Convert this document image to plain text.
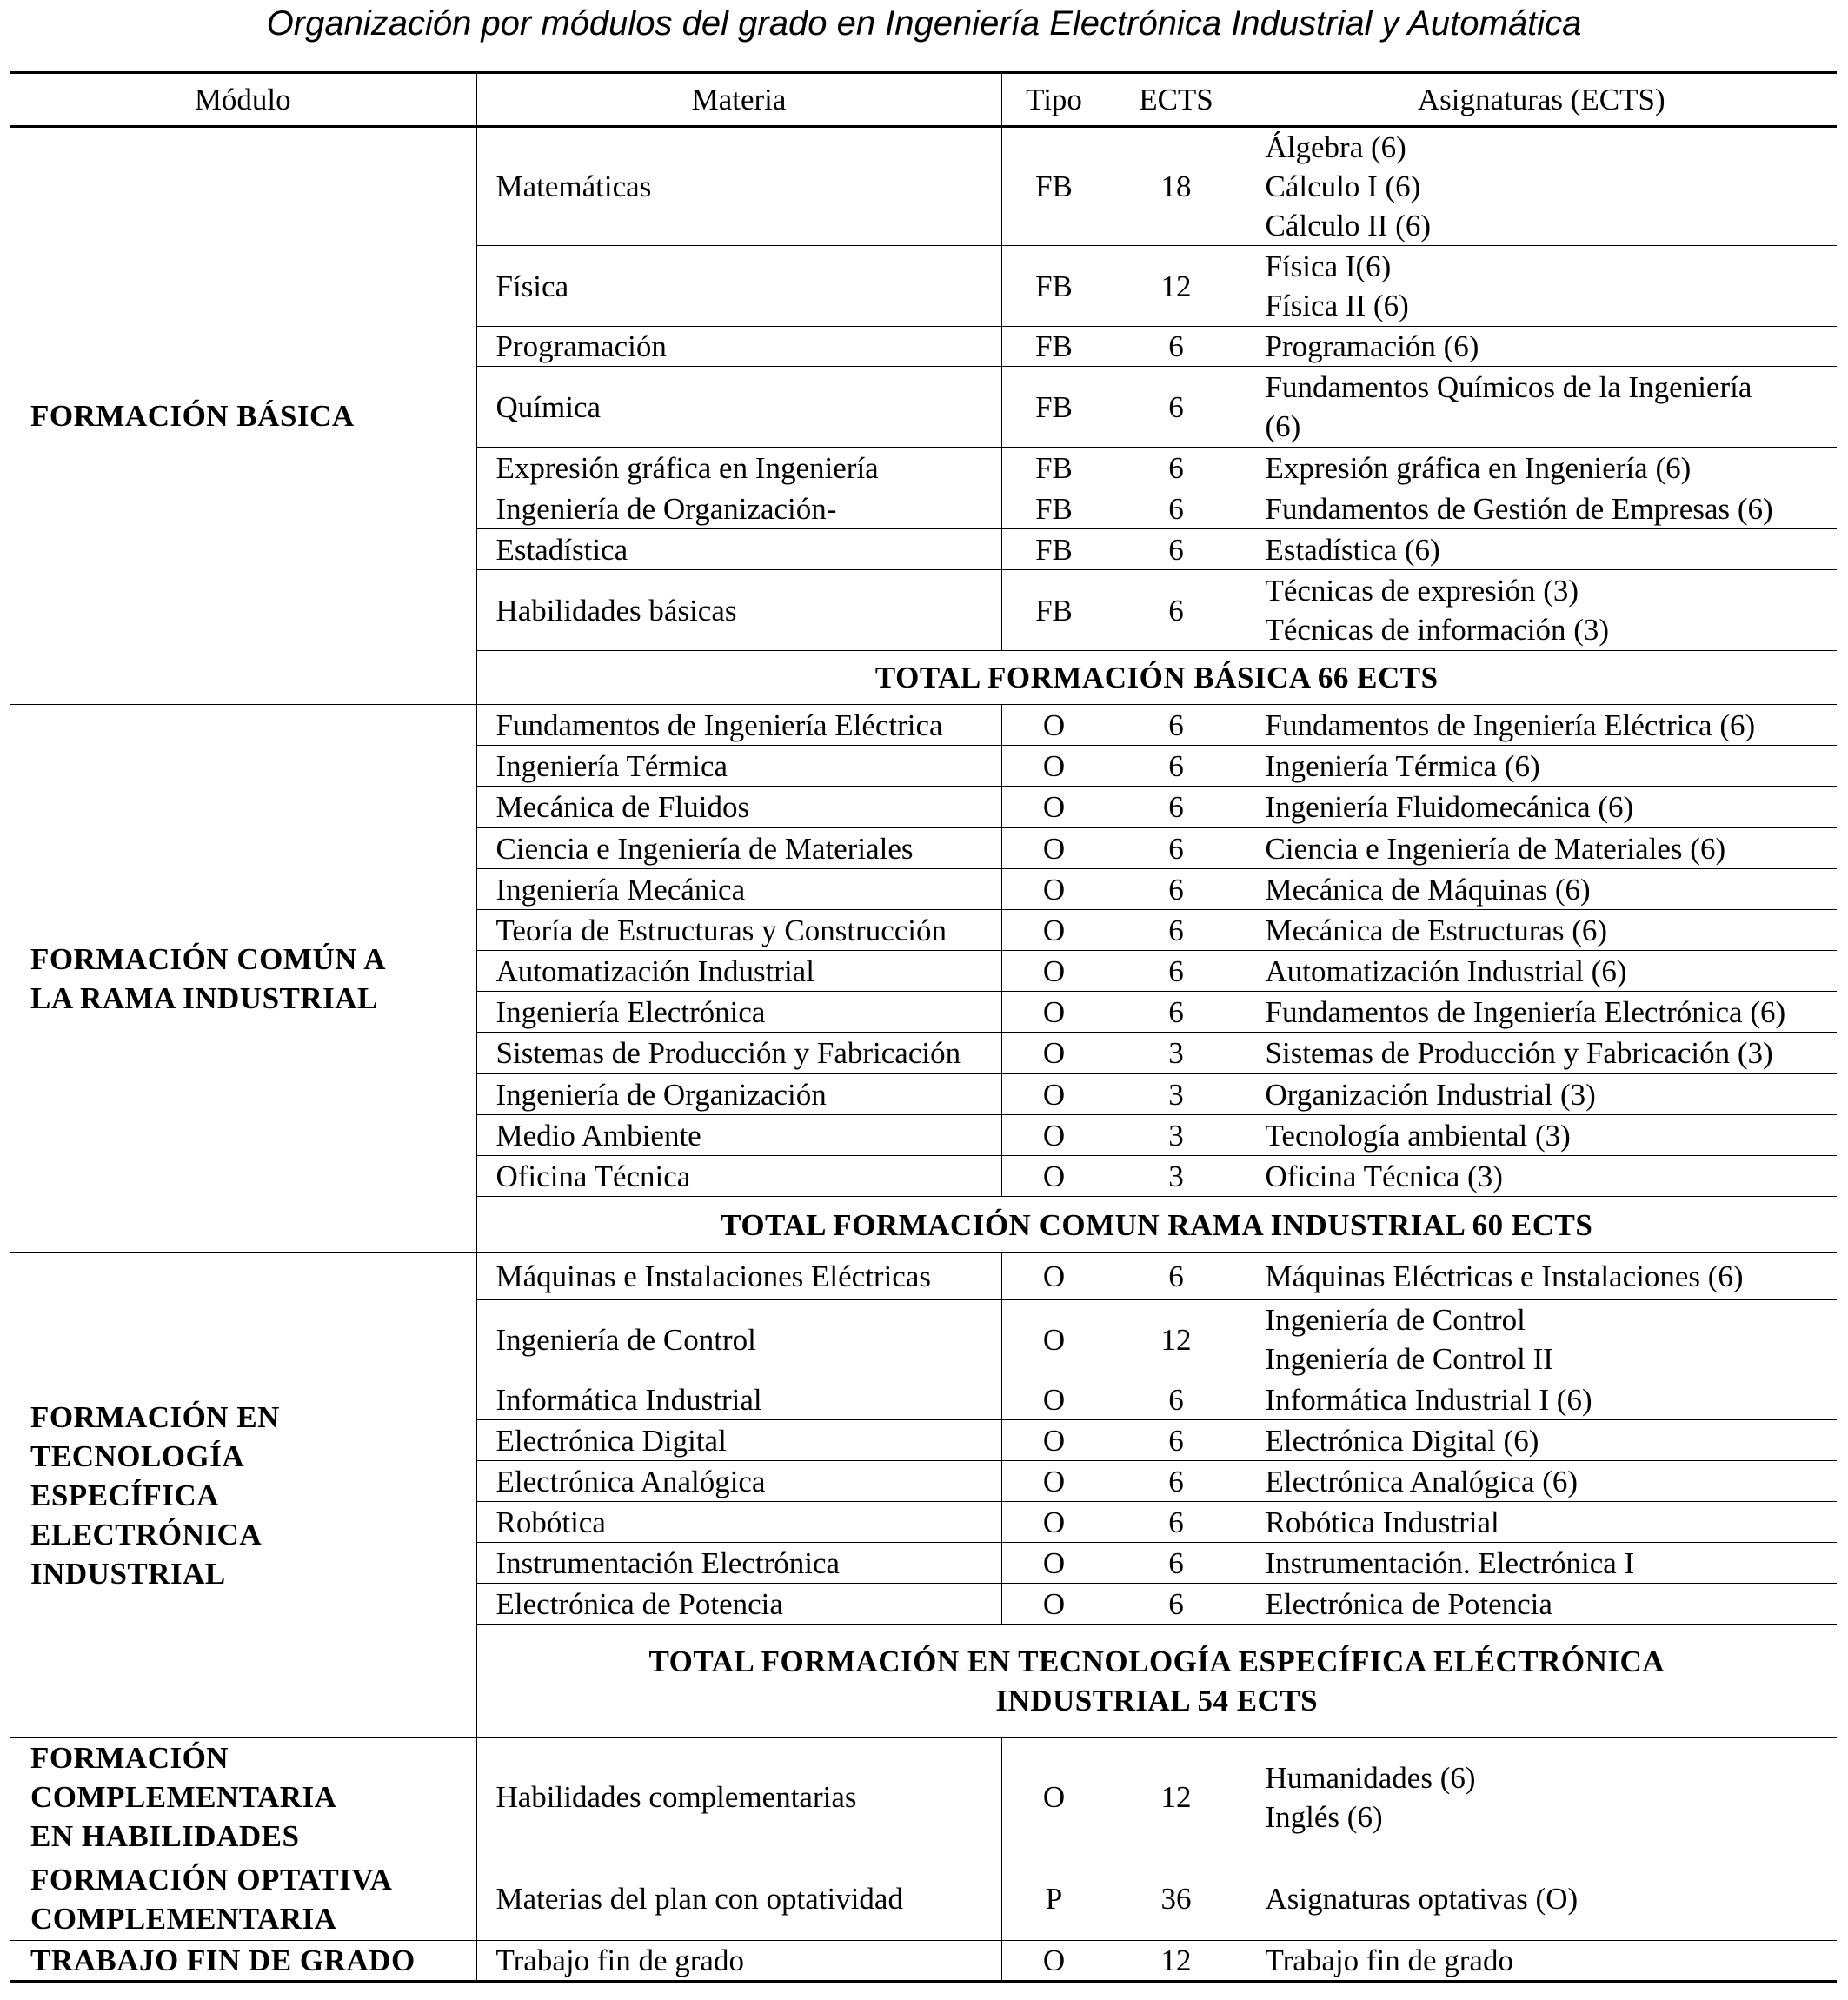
Organización por módulos del grado en Ingeniería Electrónica Industrial y Automática
Módulo	Materia	Tipo	ECTS	Asignaturas (ECTS)

FORMACIÓN BÁSICA	Matemáticas	FB	18	Álgebra (6)
Cálculo I (6)
Cálculo II (6)

	Física	FB	12	Física I(6)
Física II (6)

	Programación	FB	6	Programación (6)

	Química	FB	6	Fundamentos Químicos de la Ingeniería
(6)

	Expresión gráfica en Ingeniería	FB	6	Expresión gráfica en Ingeniería (6)

	Ingeniería de Organización-	FB	6	Fundamentos de Gestión de Empresas (6)

	Estadística	FB	6	Estadística (6)

	Habilidades básicas	FB	6	Técnicas de expresión (3)
Técnicas de información (3)

	TOTAL FORMACIÓN BÁSICA 66 ECTS			

FORMACIÓN COMÚN A
LA RAMA INDUSTRIAL	Fundamentos de Ingeniería Eléctrica	O	6	Fundamentos de Ingeniería Eléctrica (6)

	Ingeniería Térmica	O	6	Ingeniería Térmica (6)

	Mecánica de Fluidos	O	6	Ingeniería Fluidomecánica (6)

	Ciencia e Ingeniería de Materiales	O	6	Ciencia e Ingeniería de Materiales (6)

	Ingeniería Mecánica	O	6	Mecánica de Máquinas (6)

	Teoría de Estructuras y Construcción	O	6	Mecánica de Estructuras (6)

	Automatización Industrial	O	6	Automatización Industrial (6)

	Ingeniería Electrónica	O	6	Fundamentos de Ingeniería Electrónica (6)

	Sistemas de Producción y Fabricación	O	3	Sistemas de Producción y Fabricación (3)

	Ingeniería de Organización	O	3	Organización Industrial (3)

	Medio Ambiente	O	3	Tecnología ambiental (3)

	Oficina Técnica	O	3	Oficina Técnica (3)

	TOTAL FORMACIÓN COMUN RAMA INDUSTRIAL 60 ECTS			

FORMACIÓN EN
TECNOLOGÍA
ESPECÍFICA
ELECTRÓNICA
INDUSTRIAL	Máquinas e Instalaciones Eléctricas	O	6	Máquinas Eléctricas e Instalaciones (6)

	Ingeniería de Control	O	12	Ingeniería de Control
Ingeniería de Control II

	Informática Industrial	O	6	Informática Industrial I (6)

	Electrónica Digital	O	6	Electrónica Digital (6)

	Electrónica Analógica	O	6	Electrónica Analógica (6)

	Robótica	O	6	Robótica Industrial

	Instrumentación Electrónica	O	6	Instrumentación. Electrónica I

	Electrónica de Potencia	O	6	Electrónica de Potencia

	TOTAL FORMACIÓN EN TECNOLOGÍA ESPECÍFICA ELÉCTRÓNICA
INDUSTRIAL 54 ECTS			

FORMACIÓN
COMPLEMENTARIA
EN HABILIDADES	Habilidades complementarias	O	12	Humanidades (6)
Inglés (6)

FORMACIÓN OPTATIVA
COMPLEMENTARIA	Materias del plan con optatividad	P	36	Asignaturas optativas (O)

TRABAJO FIN DE GRADO	Trabajo fin de grado	O	12	Trabajo fin de grado
